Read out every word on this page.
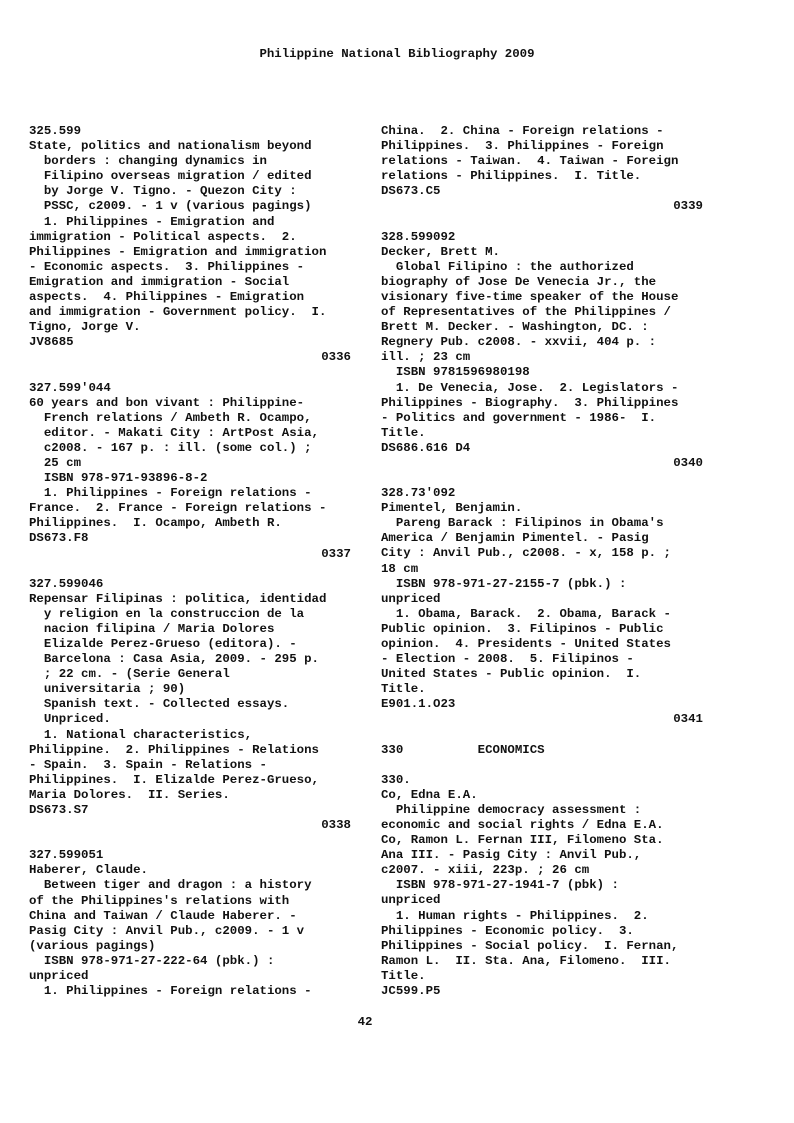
Philippine National Bibliography 2009
325.599
State, politics and nationalism beyond
borders : changing dynamics in
Filipino overseas migration / edited
by Jorge V. Tigno. - Quezon City :
PSSC, c2009. - 1 v (various pagings)
1. Philippines - Emigration and
immigration - Political aspects.  2.
Philippines - Emigration and immigration
- Economic aspects.  3. Philippines -
Emigration and immigration - Social
aspects.  4. Philippines - Emigration
and immigration - Government policy.  I.
Tigno, Jorge V.
JV8685
0336
327.599'044
60 years and bon vivant : Philippine-
French relations / Ambeth R. Ocampo,
editor. - Makati City : ArtPost Asia,
c2008. - 167 p. : ill. (some col.) ;
25 cm
ISBN 978-971-93896-8-2
1. Philippines - Foreign relations -
France.  2. France - Foreign relations -
Philippines.  I. Ocampo, Ambeth R.
DS673.F8
0337
327.599046
Repensar Filipinas : politica, identidad
y religion en la construccion de la
nacion filipina / Maria Dolores
Elizalde Perez-Grueso (editora). -
Barcelona : Casa Asia, 2009. - 295 p.
; 22 cm. - (Serie General
universitaria ; 90)
Spanish text. - Collected essays.
Unpriced.
1. National characteristics,
Philippine.  2. Philippines - Relations
- Spain.  3. Spain - Relations -
Philippines.  I. Elizalde Perez-Grueso,
Maria Dolores.  II. Series.
DS673.S7
0338
327.599051
Haberer, Claude.
Between tiger and dragon : a history
of the Philippines's relations with
China and Taiwan / Claude Haberer. -
Pasig City : Anvil Pub., c2009. - 1 v
(various pagings)
ISBN 978-971-27-222-64 (pbk.) :
unpriced
1. Philippines - Foreign relations -
China.  2. China - Foreign relations -
Philippines.  3. Philippines - Foreign
relations - Taiwan.  4. Taiwan - Foreign
relations - Philippines.  I. Title.
DS673.C5
0339
328.599092
Decker, Brett M.
Global Filipino : the authorized
biography of Jose De Venecia Jr., the
visionary five-time speaker of the House
of Representatives of the Philippines /
Brett M. Decker. - Washington, DC. :
Regnery Pub. c2008. - xxvii, 404 p. :
ill. ; 23 cm
ISBN 9781596980198
1. De Venecia, Jose.  2. Legislators -
Philippines - Biography.  3. Philippines
- Politics and government - 1986-  I.
Title.
DS686.616 D4
0340
328.73'092
Pimentel, Benjamin.
Pareng Barack : Filipinos in Obama's
America / Benjamin Pimentel. - Pasig
City : Anvil Pub., c2008. - x, 158 p. ;
18 cm
ISBN 978-971-27-2155-7 (pbk.) :
unpriced
1. Obama, Barack.  2. Obama, Barack -
Public opinion.  3. Filipinos - Public
opinion.  4. Presidents - United States
- Election - 2008.  5. Filipinos -
United States - Public opinion.  I.
Title.
E901.1.O23
0341
330          ECONOMICS
330.
Co, Edna E.A.
Philippine democracy assessment :
economic and social rights / Edna E.A.
Co, Ramon L. Fernan III, Filomeno Sta.
Ana III. - Pasig City : Anvil Pub.,
c2007. - xiii, 223p. ; 26 cm
ISBN 978-971-27-1941-7 (pbk) :
unpriced
1. Human rights - Philippines.  2.
Philippines - Economic policy.  3.
Philippines - Social policy.  I. Fernan,
Ramon L.  II. Sta. Ana, Filomeno.  III.
Title.
JC599.P5
42
